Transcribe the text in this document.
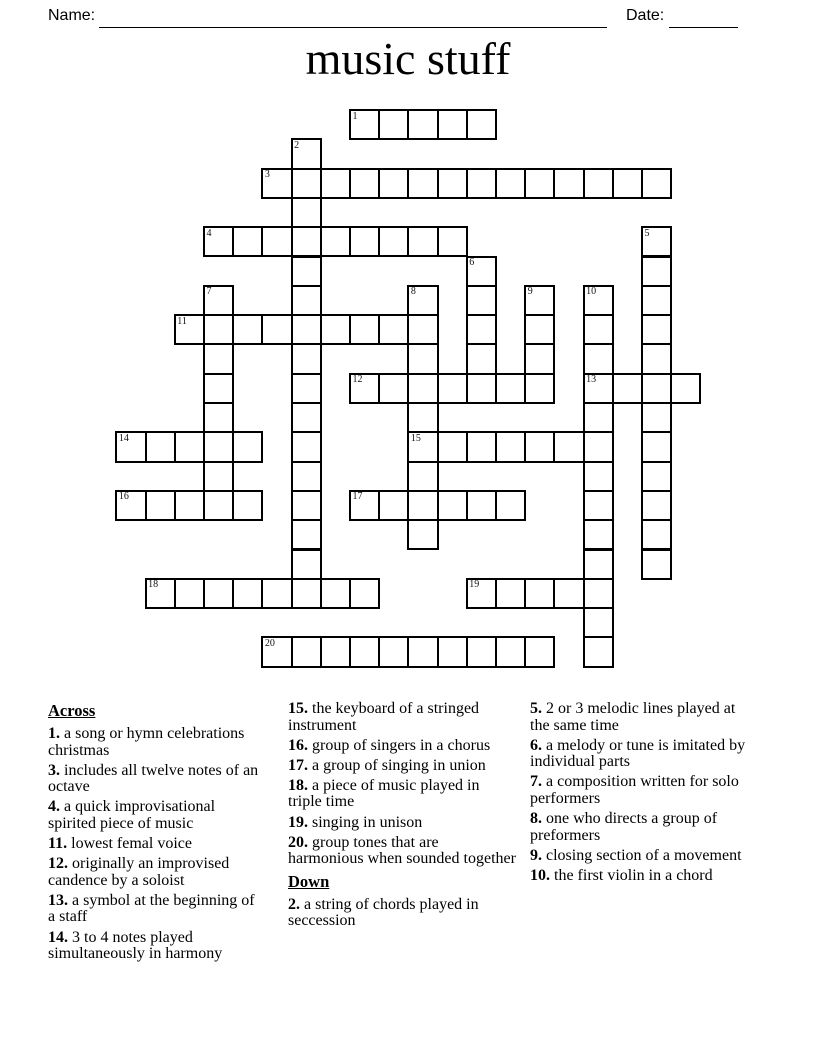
Name:	Date:
music stuff
1
2
3
4	5
6
7	8
15
9	10
13
11
12
14
16	17
18	19
20
Across

1. a song or hymn celebrations christmas

3. includes all twelve notes of an octave

4. a quick improvisational spirited piece of music

11. lowest femal voice

12. originally an improvised candence by a soloist

13. a symbol at the beginning of a staff

14. 3 to 4 notes played simultaneously in harmony

15. the keyboard of a stringed instrument

16. group of singers in a chorus

17. a group of singing in union

18. a piece of music played in triple time

19. singing in unison

20. group tones that are harmonious when sounded together

Down

2. a string of chords played in seccession

5. 2 or 3 melodic lines played at the same time

6. a melody or tune is imitated by individual parts

7. a composition written for solo performers

8. one who directs a group of preformers

9. closing section of a movement

10. the first violin in a chord
